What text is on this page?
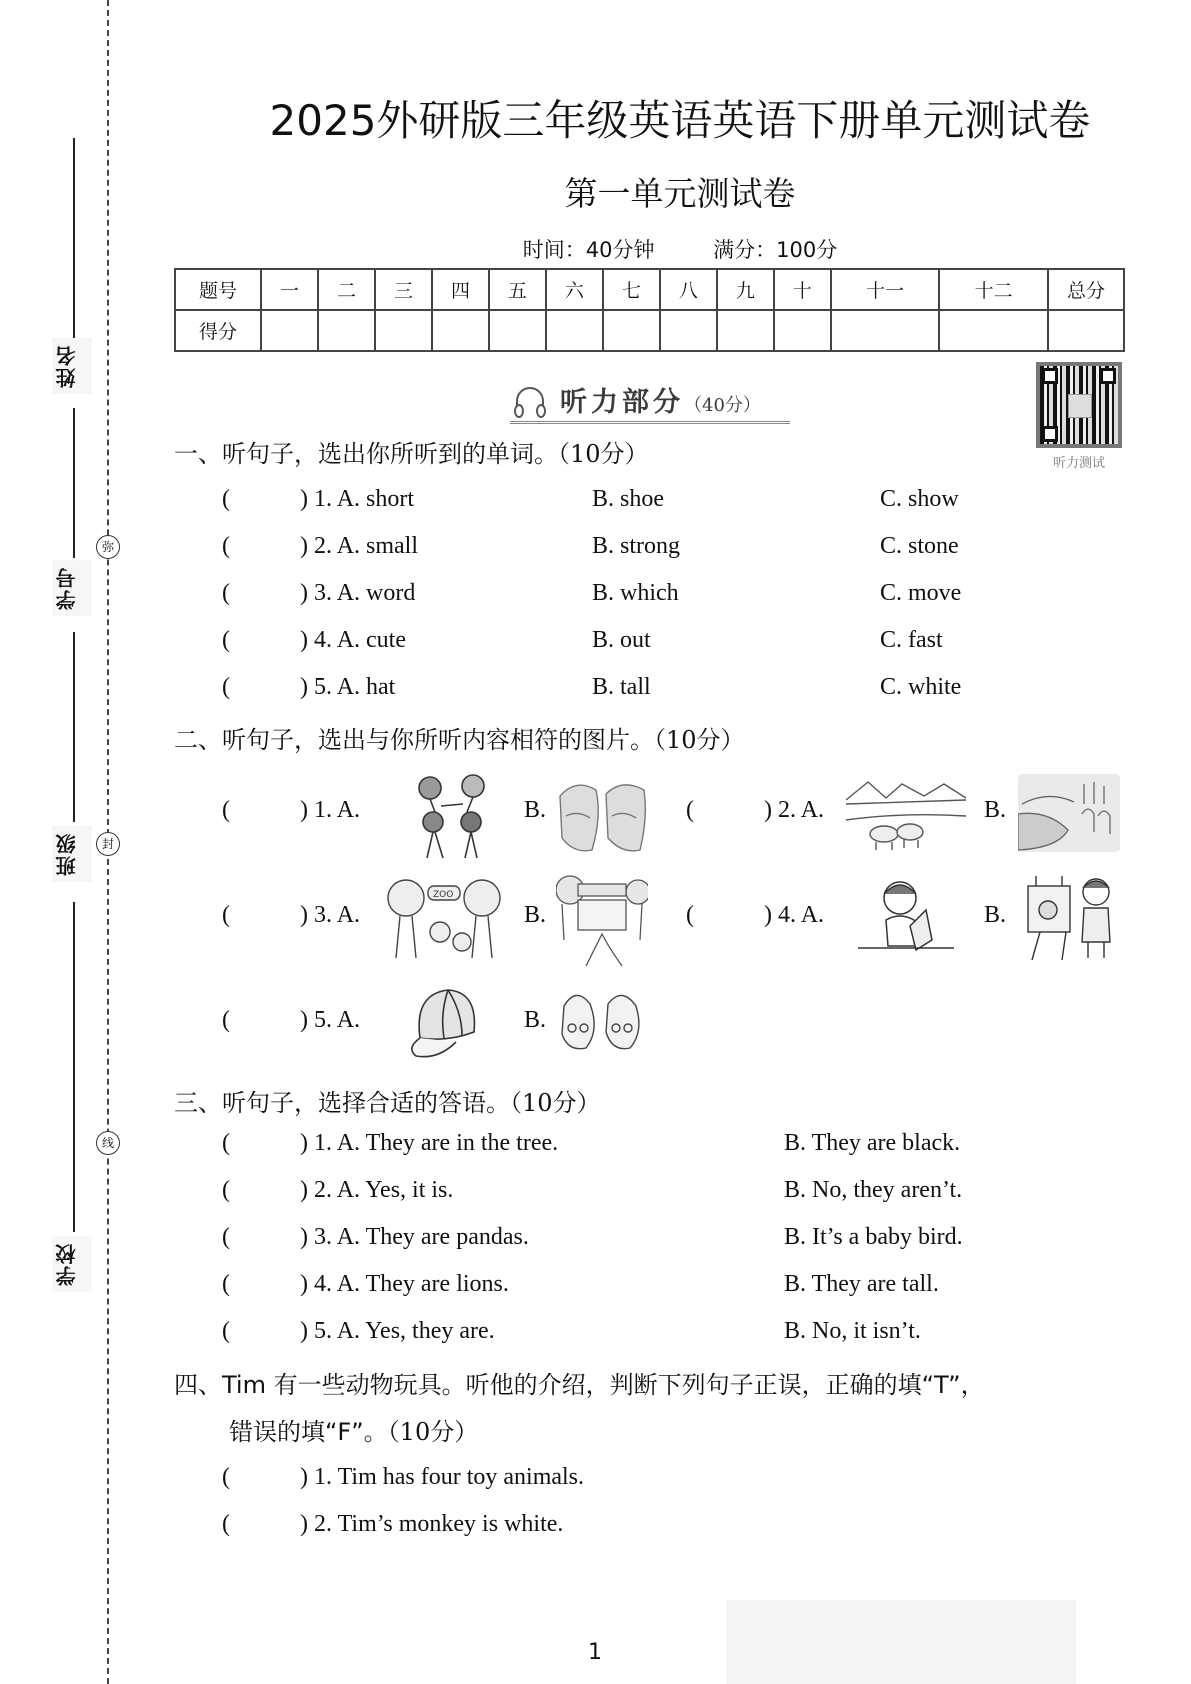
弥
封
线
姓名
学号
班级
学校
2025外研版三年级英语英语下册单元测试卷
第一单元测试卷
时间：40分钟	满分：100分
题号	一	二	三	四	五	六	七	八	九	十	十一	十二	总分
得分													
听力部分（40分）
听力测试
一、听句子，选出你所听到的单词。（10分）
(	) 1. A. short	B. shoe	C. show
(	) 2. A. small	B. strong	C. stone
(	) 3. A. word	B. which	C. move
(	) 4. A. cute	B. out	C. fast
(	) 5. A. hat	B. tall	C. white
二、听句子，选出与你所听内容相符的图片。（10分）
(	) 1. A.	B.	(	) 2. A.	B.
(	) 3. A.	B.
ZOO
(	) 4. A.	B.
(	) 5. A.	B.
三、听句子，选择合适的答语。（10分）
(	) 1. A. They are in the tree.	B. They are black.
(	) 2. A. Yes, it is.	B. No, they aren’t.
(	) 3. A. They are pandas.	B. It’s a baby bird.
(	) 4. A. They are lions.	B. They are tall.
(	) 5. A. Yes, they are.	B. No, it isn’t.
四、Tim 有一些动物玩具。听他的介绍，判断下列句子正误，正确的填“T”，
错误的填“F”。（10分）
(	) 1. Tim has four toy animals.
(	) 2. Tim’s monkey is white.
1
